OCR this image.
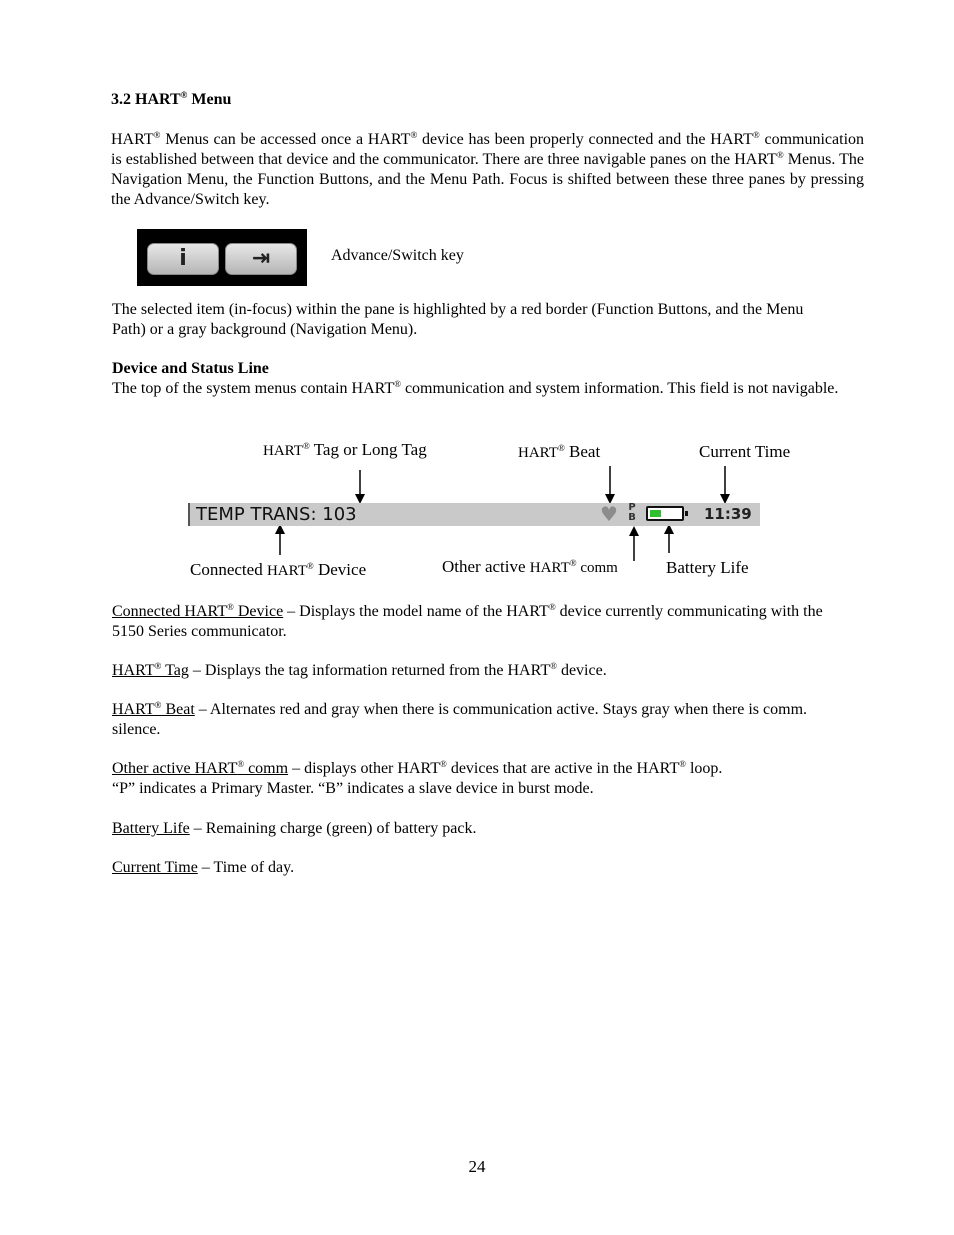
3.2 HART® Menu
HART® Menus can be accessed once a HART® device has been properly connected and the HART® communication is established between that device and the communicator. There are three navigable panes on the HART® Menus. The Navigation Menu, the Function Buttons, and the Menu Path. Focus is shifted between these three panes by pressing the Advance/Switch key.
i	⇥	Advance/Switch key
The selected item (in-focus) within the pane is highlighted by a red border (Function Buttons, and the Menu Path) or a gray background (Navigation Menu).
Device and Status Line
The top of the system menus contain HART® communication and system information. This field is not navigable.
HART® Tag or Long Tag	HART® Beat	Current Time
TEMP TRANS: 103	♥ P
B	11:39
Connected HART® Device	Other active HART® comm	Battery Life
Connected HART® Device – Displays the model name of the HART® device currently communicating with the 5150 Series communicator.
HART® Tag – Displays the tag information returned from the HART® device.
HART® Beat – Alternates red and gray when there is communication active. Stays gray when there is comm. silence.
Other active HART® comm – displays other HART® devices that are active in the HART® loop.
“P” indicates a Primary Master. “B” indicates a slave device in burst mode.
Battery Life – Remaining charge (green) of battery pack.
Current Time – Time of day.
24
